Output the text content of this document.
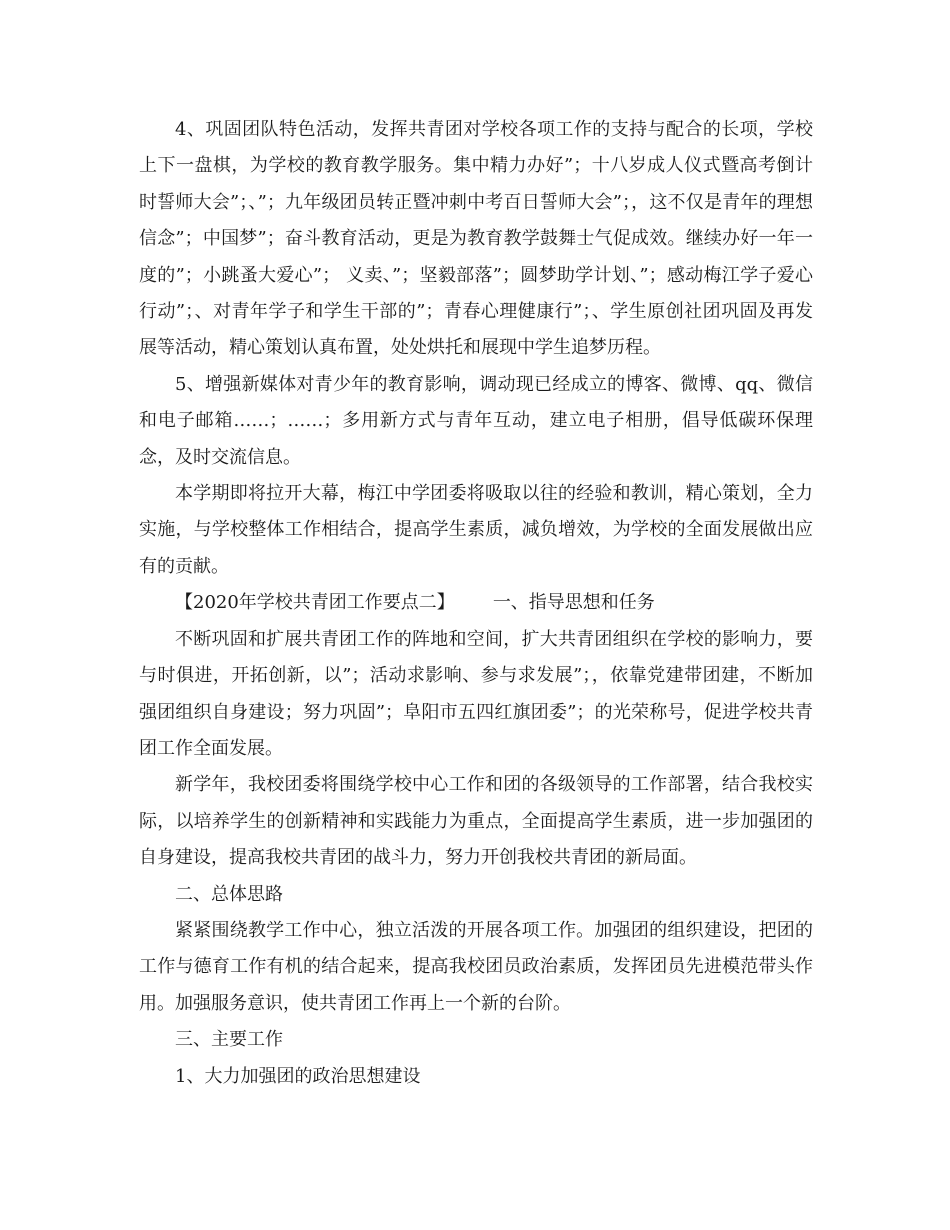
4、巩固团队特色活动，发挥共青团对学校各项工作的支持与配合的长项，学校上下一盘棋，为学校的教育教学服务。集中精力办好”；十八岁成人仪式暨高考倒计时誓师大会”；、”；九年级团员转正暨冲刺中考百日誓师大会”；，这不仅是青年的理想信念”；中国梦”；奋斗教育活动，更是为教育教学鼓舞士气促成效。继续办好一年一度的”；小跳蚤大爱心”； 义卖、”；坚毅部落”；圆梦助学计划、”；感动梅江学子爱心行动”；、对青年学子和学生干部的”；青春心理健康行”；、学生原创社团巩固及再发展等活动，精心策划认真布置，处处烘托和展现中学生追梦历程。

5、增强新媒体对青少年的教育影响，调动现已经成立的博客、微博、qq、微信和电子邮箱……；……；多用新方式与青年互动，建立电子相册，倡导低碳环保理念，及时交流信息。

本学期即将拉开大幕，梅江中学团委将吸取以往的经验和教训，精心策划，全力实施，与学校整体工作相结合，提高学生素质，减负增效，为学校的全面发展做出应有的贡献。

【2020年学校共青团工作要点二】 一、指导思想和任务

不断巩固和扩展共青团工作的阵地和空间，扩大共青团组织在学校的影响力，要与时俱进，开拓创新，以”；活动求影响、参与求发展”；，依靠党建带团建，不断加强团组织自身建设；努力巩固”；阜阳市五四红旗团委”；的光荣称号，促进学校共青团工作全面发展。

新学年，我校团委将围绕学校中心工作和团的各级领导的工作部署，结合我校实际，以培养学生的创新精神和实践能力为重点，全面提高学生素质，进一步加强团的自身建设，提高我校共青团的战斗力，努力开创我校共青团的新局面。

二、总体思路

紧紧围绕教学工作中心，独立活泼的开展各项工作。加强团的组织建设，把团的工作与德育工作有机的结合起来，提高我校团员政治素质，发挥团员先进模范带头作用。加强服务意识，使共青团工作再上一个新的台阶。

三、主要工作

1、大力加强团的政治思想建设
